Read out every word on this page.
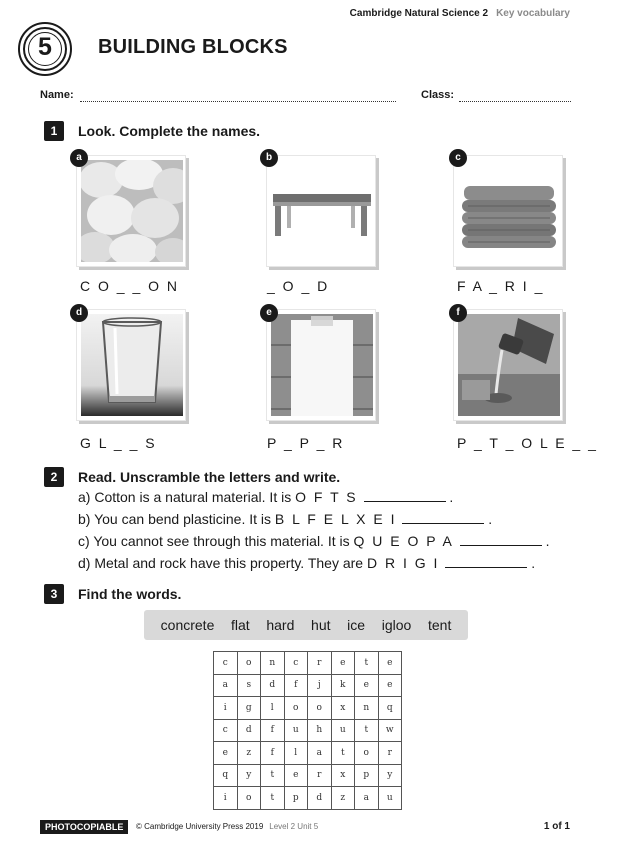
Cambridge Natural Science 2 Key vocabulary
5	BUILDING BLOCKS
Name:	Class:
1	Look. Complete the names.
a
C O _ _ O N
b
_ O _ D
c
F A _ R I _
d
G L _ _ S
e
P _ P _ R
f
P _ T _ O L E _ _
2	Read. Unscramble the letters and write.
a) Cotton is a natural material. It is O F T S	.
b) You can bend plasticine. It is B L F E L X E I	.
c) You cannot see through this material. It is Q U E O P A	.
d) Metal and rock have this property. They are D R I G I	.
3	Find the words.
concrete flat hard hut ice igloo tent
c	o	n	c	r	e	t	e
a	s	d	f	j	k	e	e
i	g	l	o	o	x	n	q
c	d	f	u	h	u	t	w
e	z	f	l	a	t	o	r
q	y	t	e	r	x	p	y
i	o	t	p	d	z	a	u
PHOTOCOPIABLE	© Cambridge University Press 2019 Level 2 Unit 5	1 of 1
